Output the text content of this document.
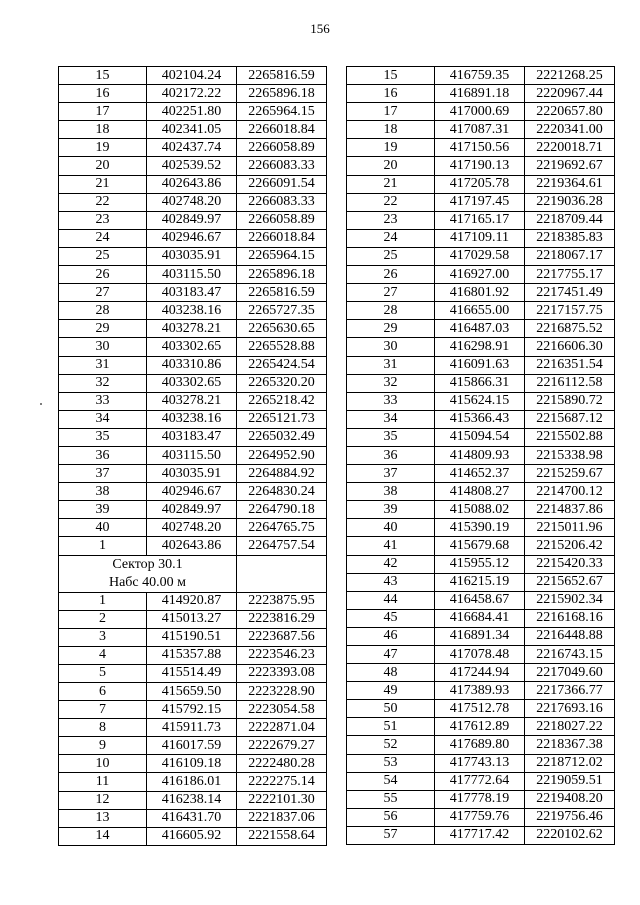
156
15	402104.24	2265816.59
16	402172.22	2265896.18
17	402251.80	2265964.15
18	402341.05	2266018.84
19	402437.74	2266058.89
20	402539.52	2266083.33
21	402643.86	2266091.54
22	402748.20	2266083.33
23	402849.97	2266058.89
24	402946.67	2266018.84
25	403035.91	2265964.15
26	403115.50	2265896.18
27	403183.47	2265816.59
28	403238.16	2265727.35
29	403278.21	2265630.65
30	403302.65	2265528.88
31	403310.86	2265424.54
32	403302.65	2265320.20
33	403278.21	2265218.42
34	403238.16	2265121.73
35	403183.47	2265032.49
36	403115.50	2264952.90
37	403035.91	2264884.92
38	402946.67	2264830.24
39	402849.97	2264790.18
40	402748.20	2264765.75
1	402643.86	2264757.54

Сектор 30.1
Набс 40.00 м		

1	414920.87	2223875.95
2	415013.27	2223816.29
3	415190.51	2223687.56
4	415357.88	2223546.23
5	415514.49	2223393.08
6	415659.50	2223228.90
7	415792.15	2223054.58
8	415911.73	2222871.04
9	416017.59	2222679.27
10	416109.18	2222480.28
11	416186.01	2222275.14
12	416238.14	2222101.30
13	416431.70	2221837.06
14	416605.92	2221558.64
15	416759.35	2221268.25
16	416891.18	2220967.44
17	417000.69	2220657.80
18	417087.31	2220341.00
19	417150.56	2220018.71
20	417190.13	2219692.67
21	417205.78	2219364.61
22	417197.45	2219036.28
23	417165.17	2218709.44
24	417109.11	2218385.83
25	417029.58	2218067.17
26	416927.00	2217755.17
27	416801.92	2217451.49
28	416655.00	2217157.75
29	416487.03	2216875.52
30	416298.91	2216606.30
31	416091.63	2216351.54
32	415866.31	2216112.58
33	415624.15	2215890.72
34	415366.43	2215687.12
35	415094.54	2215502.88
36	414809.93	2215338.98
37	414652.37	2215259.67
38	414808.27	2214700.12
39	415088.02	2214837.86
40	415390.19	2215011.96
41	415679.68	2215206.42
42	415955.12	2215420.33
43	416215.19	2215652.67
44	416458.67	2215902.34
45	416684.41	2216168.16
46	416891.34	2216448.88
47	417078.48	2216743.15
48	417244.94	2217049.60
49	417389.93	2217366.77
50	417512.78	2217693.16
51	417612.89	2218027.22
52	417689.80	2218367.38
53	417743.13	2218712.02
54	417772.64	2219059.51
55	417778.19	2219408.20
56	417759.76	2219756.46
57	417717.42	2220102.62
